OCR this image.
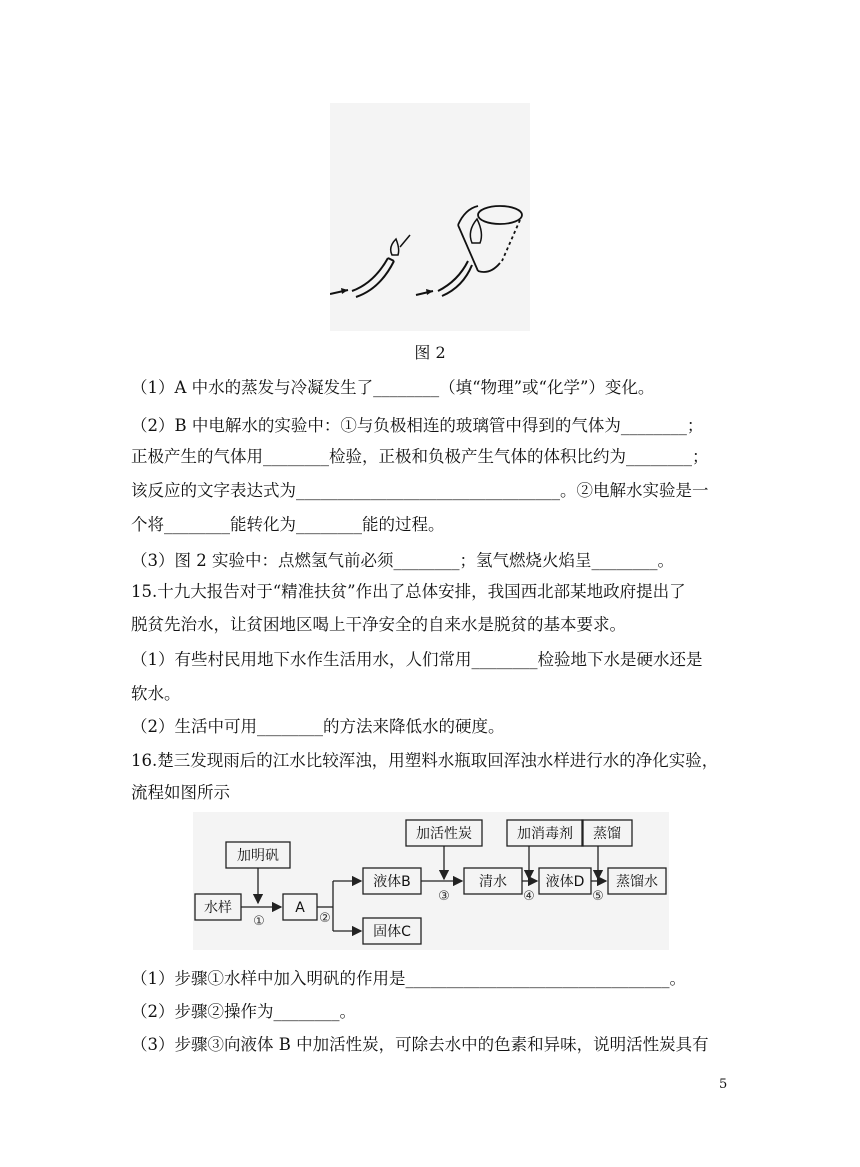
图 2
（1）A 中水的蒸发与冷凝发生了________（填“物理”或“化学”）变化。
（2）B 中电解水的实验中：①与负极相连的玻璃管中得到的气体为________；
正极产生的气体用________检验，正极和负极产生气体的体积比约为________；
该反应的文字表达式为________________________________。②电解水实验是一
个将________能转化为________能的过程。
（3）图 2 实验中：点燃氢气前必须________；氢气燃烧火焰呈________。
15.十九大报告对于“精准扶贫”作出了总体安排，我国西北部某地政府提出了
脱贫先治水，让贫困地区喝上干净安全的自来水是脱贫的基本要求。
（1）有些村民用地下水作生活用水，人们常用________检验地下水是硬水还是
软水。
（2）生活中可用________的方法来降低水的硬度。
16.楚三发现雨后的江水比较浑浊，用塑料水瓶取回浑浊水样进行水的净化实验，
流程如图所示
加明矾
加活性炭	加消毒剂 蒸馏
水样	A
液体B
固体C
清水	液体D 蒸馏水
①	②
③	④	⑤
（1）步骤①水样中加入明矾的作用是________________________________。
（2）步骤②操作为________。
（3）步骤③向液体 B 中加活性炭，可除去水中的色素和异味，说明活性炭具有
5
